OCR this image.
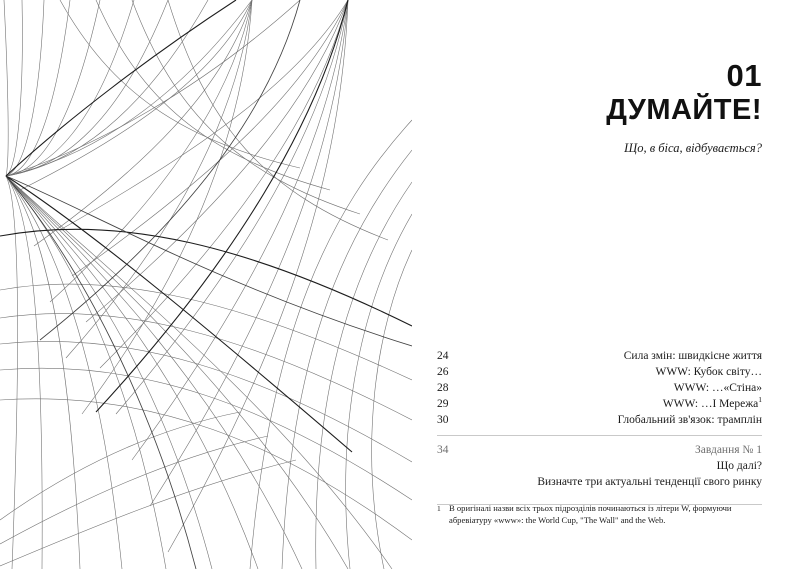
01
ДУМАЙТЕ!
Що, в біса, відбувається?
24	Сила змін: швидкісне життя
26	WWW: Кубок світу…
28	WWW: …«Стіна»
29	WWW: …І Мережа$^1$
30	Глобальний зв'язок: трамплін
34	Завдання № 1
Що далі?
Визначте три актуальні тенденції свого ринку
1 В оригіналі назви всіх трьох підрозділів починаються із літери W, формуючи абревіатуру «www»: the World Cup, "The Wall" and the Web.
